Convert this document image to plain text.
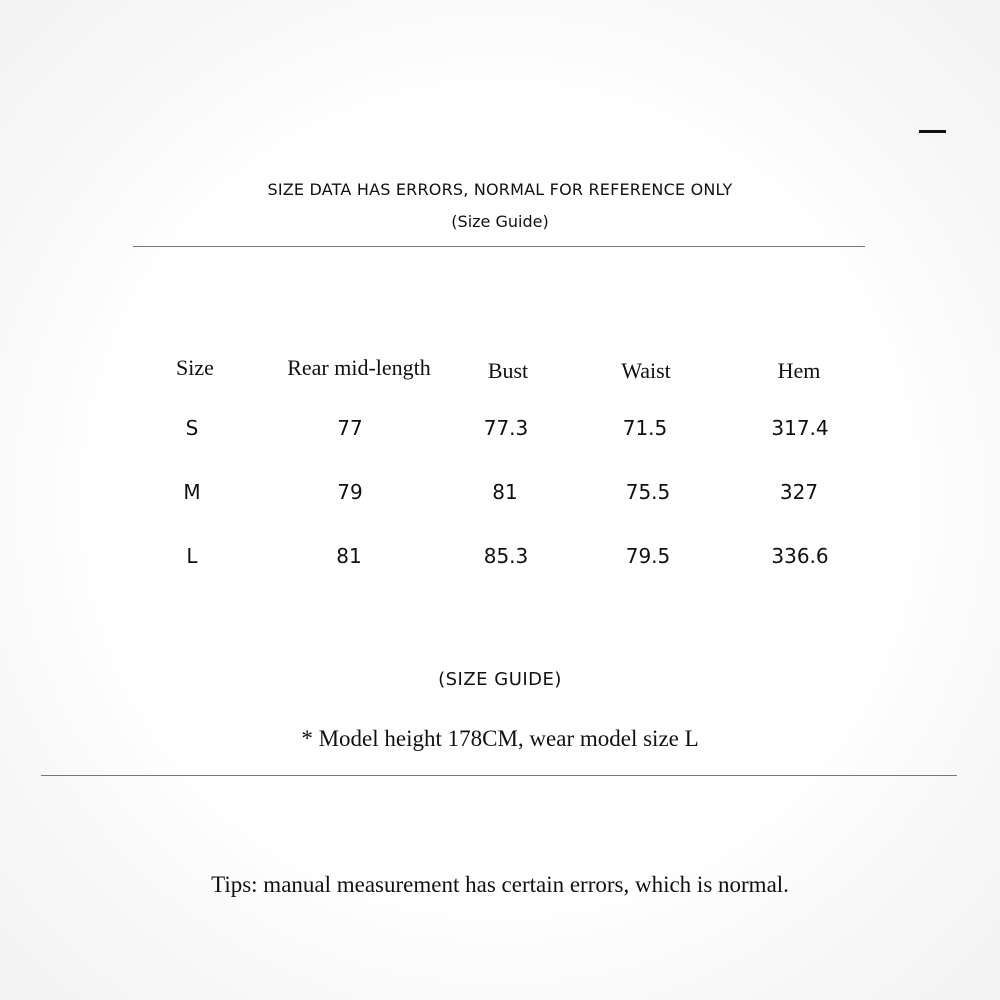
SIZE DATA HAS ERRORS, NORMAL FOR REFERENCE ONLY
(Size Guide)
Size	Rear mid-length	Bust	Waist	Hem
S	77	77.3	71.5	317.4
M	79	81	75.5	327
L	81	85.3	79.5	336.6
(SIZE GUIDE)
* Model height 178CM, wear model size L
Tips: manual measurement has certain errors, which is normal.
